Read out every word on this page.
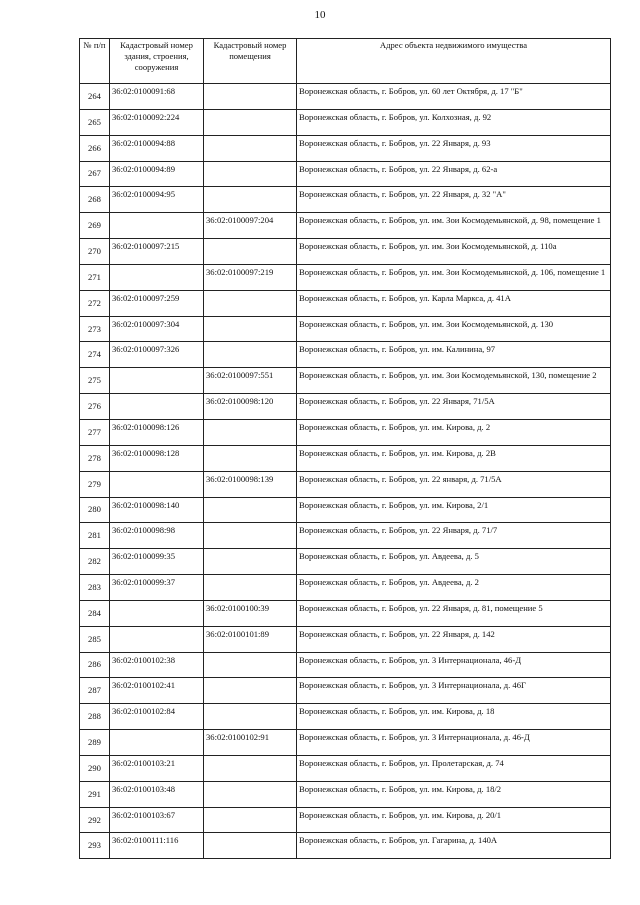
10
№ п/п	Кадастровый номер здания, строения, сооружения	Кадастровый номер помещения	Адрес объекта недвижимого имущества
264	36:02:0100091:68		Воронежская область, г. Бобров, ул. 60 лет Октября, д. 17 "Б"
265	36:02:0100092:224		Воронежская область, г. Бобров, ул. Колхозная, д. 92
266	36:02:0100094:88		Воронежская область, г. Бобров, ул. 22 Января, д. 93
267	36:02:0100094:89		Воронежская область, г. Бобров, ул. 22 Января, д. 62-а
268	36:02:0100094:95		Воронежская область, г. Бобров, ул. 22 Января, д. 32 "А"
269		36:02:0100097:204	Воронежская область, г. Бобров, ул. им. Зои Космодемьянской, д. 98, помещение 1
270	36:02:0100097:215		Воронежская область, г. Бобров, ул. им. Зои Космодемьянской, д. 110а
271		36:02:0100097:219	Воронежская область, г. Бобров, ул. им. Зои Космодемьянской, д. 106, помещение 1
272	36:02:0100097:259		Воронежская область, г. Бобров, ул. Карла Маркса, д. 41А
273	36:02:0100097:304		Воронежская область, г. Бобров, ул. им. Зои Космодемьянской, д. 130
274	36:02:0100097:326		Воронежская область, г. Бобров, ул. им. Калинина, 97
275		36:02:0100097:551	Воронежская область, г. Бобров, ул. им. Зои Космодемьянской, 130, помещение 2
276		36:02:0100098:120	Воронежская область, г. Бобров, ул. 22 Января, 71/5А
277	36:02:0100098:126		Воронежская область, г. Бобров, ул. им. Кирова, д. 2
278	36:02:0100098:128		Воронежская область, г. Бобров, ул. им. Кирова, д. 2В
279		36:02:0100098:139	Воронежская область, г. Бобров, ул. 22 января, д. 71/5А
280	36:02:0100098:140		Воронежская область, г. Бобров, ул. им. Кирова, 2/1
281	36:02:0100098:98		Воронежская область, г. Бобров, ул. 22 Января, д. 71/7
282	36:02:0100099:35		Воронежская область, г. Бобров, ул. Авдеева, д. 5
283	36:02:0100099:37		Воронежская область, г. Бобров, ул. Авдеева, д. 2
284		36:02:0100100:39	Воронежская область, г. Бобров, ул. 22 Января, д. 81, помещение 5
285		36:02:0100101:89	Воронежская область, г. Бобров, ул. 22 Января, д. 142
286	36:02:0100102:38		Воронежская область, г. Бобров, ул. 3 Интернационала, 46-Д
287	36:02:0100102:41		Воронежская область, г. Бобров, ул. 3 Интернационала, д. 46Г
288	36:02:0100102:84		Воронежская область, г. Бобров, ул. им. Кирова, д. 18
289		36:02:0100102:91	Воронежская область, г. Бобров, ул. 3 Интернационала, д. 46-Д
290	36:02:0100103:21		Воронежская область, г. Бобров, ул. Пролетарская, д. 74
291	36:02:0100103:48		Воронежская область, г. Бобров, ул. им. Кирова, д. 18/2
292	36:02:0100103:67		Воронежская область, г. Бобров, ул. им. Кирова, д. 20/1
293	36:02:0100111:116		Воронежская область, г. Бобров, ул. Гагарина, д. 140А
